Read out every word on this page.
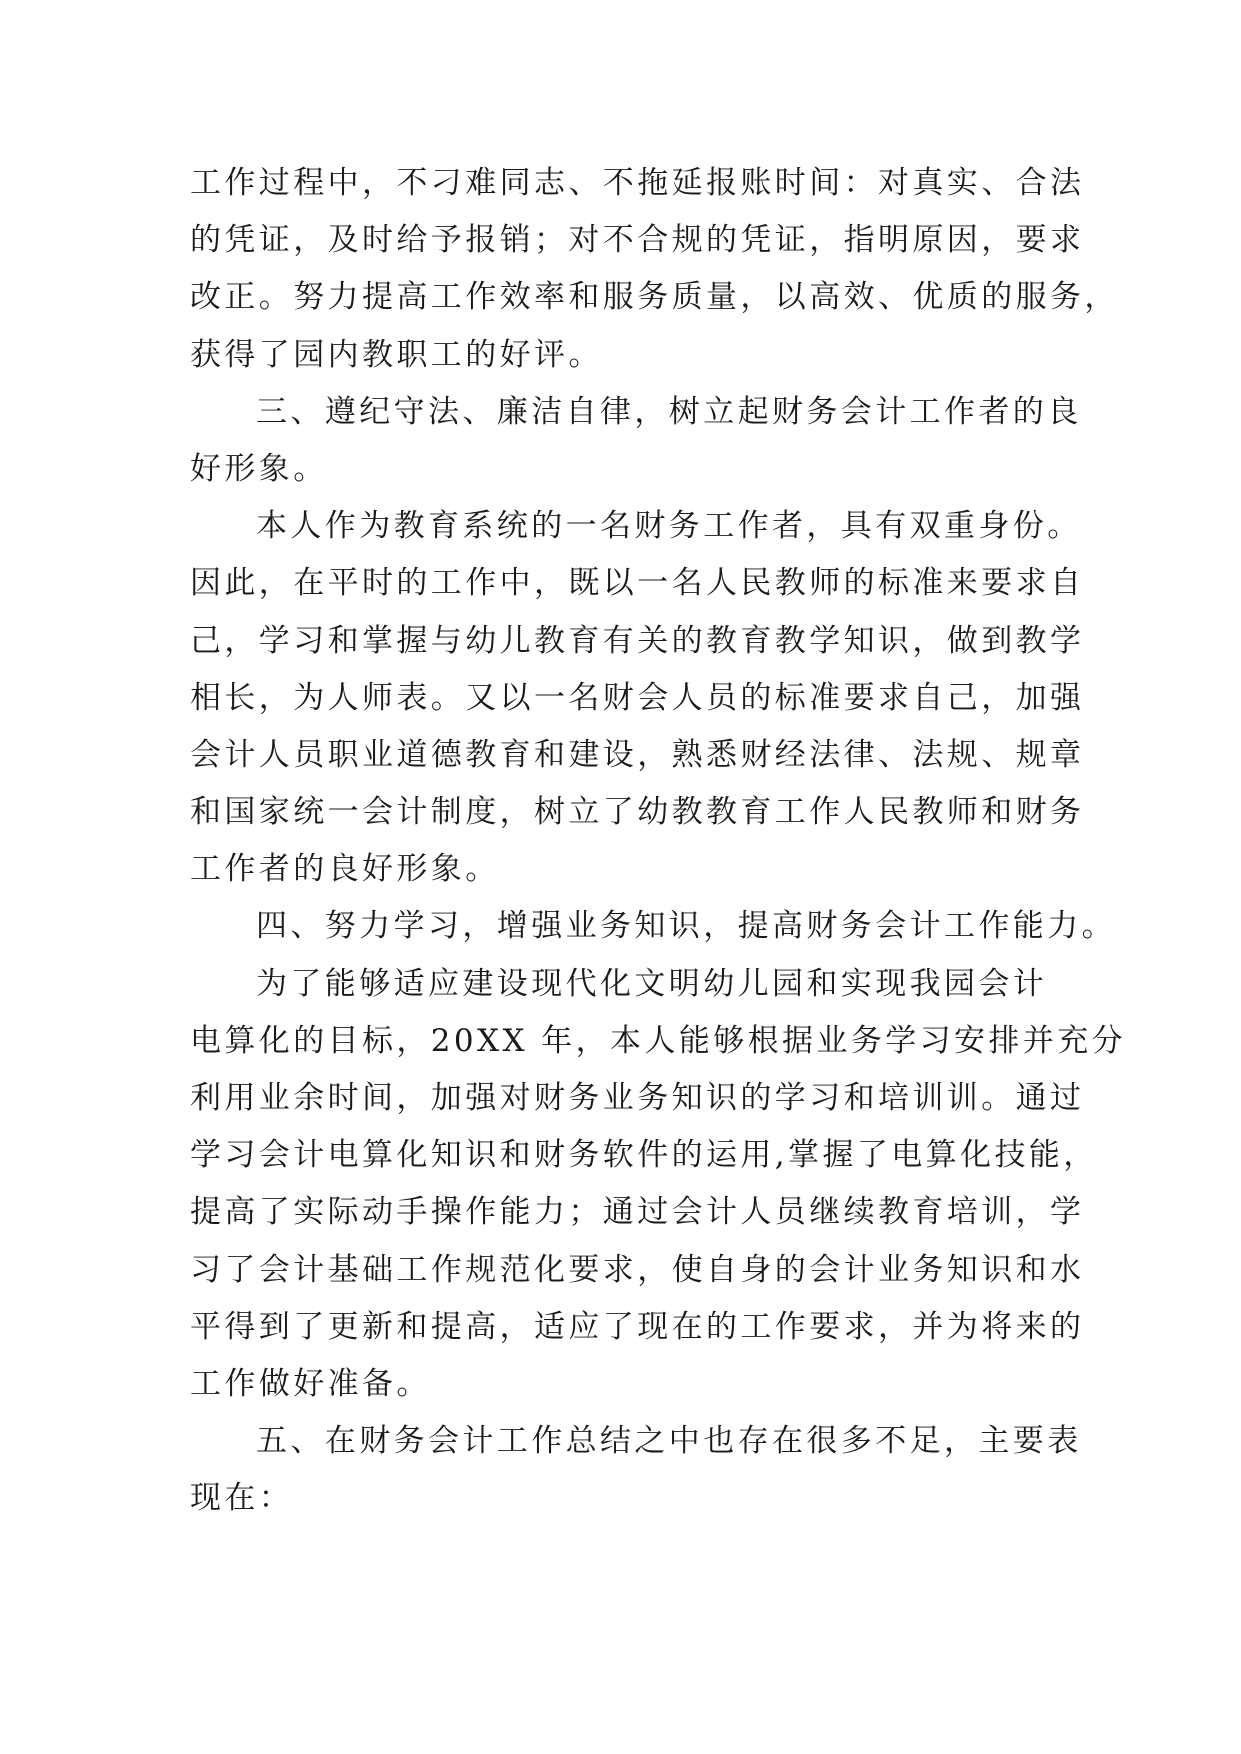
工作过程中，不刁难同志、不拖延报账时间：对真实、合法
的凭证，及时给予报销；对不合规的凭证，指明原因，要求
改正。努力提高工作效率和服务质量，以高效、优质的服务，
获得了园内教职工的好评。
三、遵纪守法、廉洁自律，树立起财务会计工作者的良
好形象。
本人作为教育系统的一名财务工作者，具有双重身份。
因此，在平时的工作中，既以一名人民教师的标准来要求自
己，学习和掌握与幼儿教育有关的教育教学知识，做到教学
相长，为人师表。又以一名财会人员的标准要求自己，加强
会计人员职业道德教育和建设，熟悉财经法律、法规、规章
和国家统一会计制度，树立了幼教教育工作人民教师和财务
工作者的良好形象。
四、努力学习，增强业务知识，提高财务会计工作能力。
为了能够适应建设现代化文明幼儿园和实现我园会计
电算化的目标，20XX 年，本人能够根据业务学习安排并充分
利用业余时间，加强对财务业务知识的学习和培训训。通过
学习会计电算化知识和财务软件的运用,掌握了电算化技能，
提高了实际动手操作能力；通过会计人员继续教育培训，学
习了会计基础工作规范化要求，使自身的会计业务知识和水
平得到了更新和提高，适应了现在的工作要求，并为将来的
工作做好准备。
五、在财务会计工作总结之中也存在很多不足，主要表
现在：
